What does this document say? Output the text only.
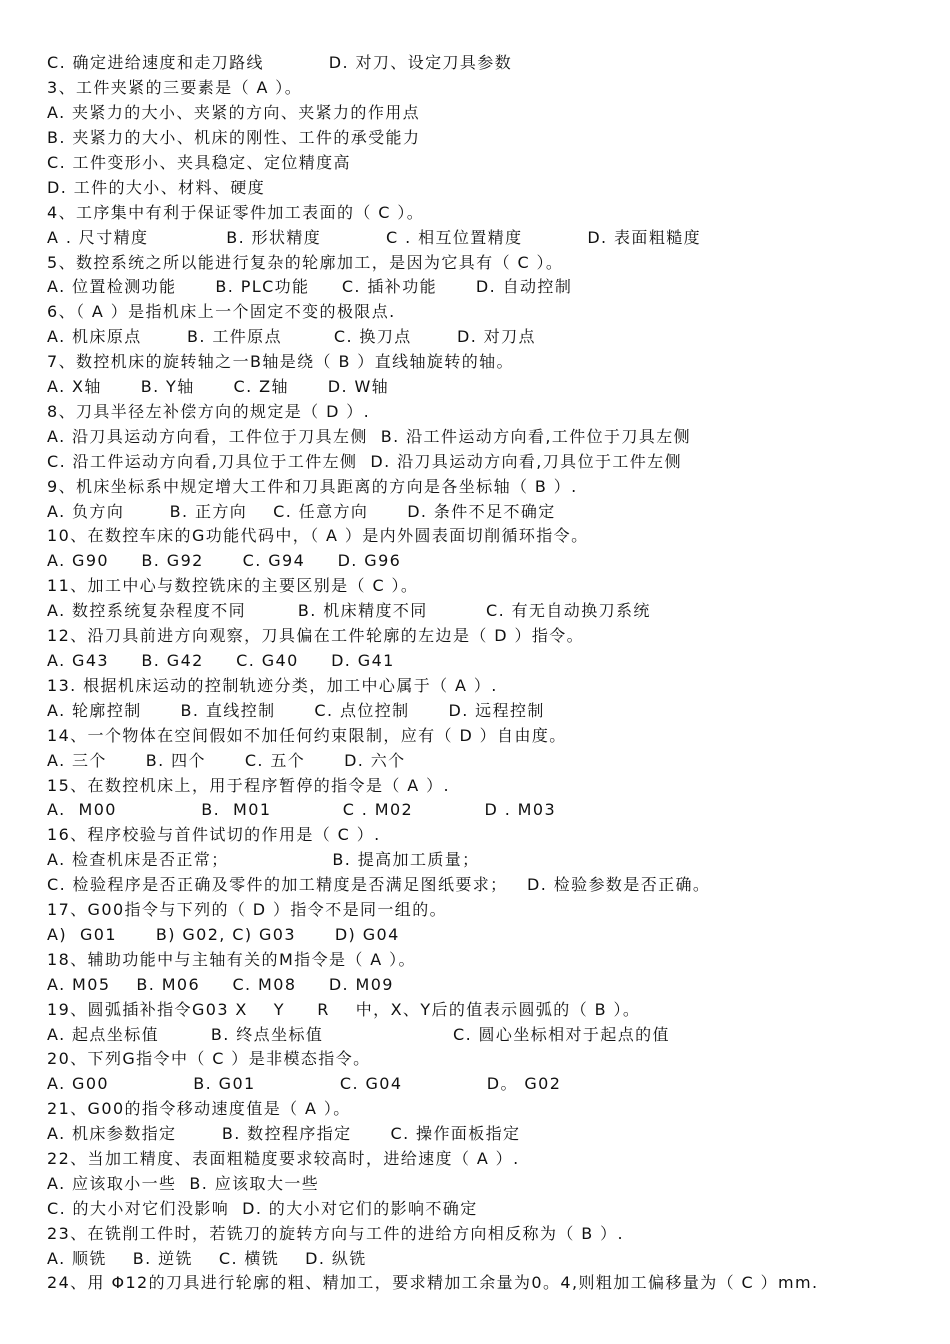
C. 确定进给速度和走刀路线          D. 对刀、设定刀具参数
3、工件夹紧的三要素是（ A ）。
A. 夹紧力的大小、夹紧的方向、夹紧力的作用点
B. 夹紧力的大小、机床的刚性、工件的承受能力
C. 工件变形小、夹具稳定、定位精度高
D. 工件的大小、材料、硬度
4、工序集中有利于保证零件加工表面的（ C ）。
A . 尺寸精度            B. 形状精度          C . 相互位置精度          D. 表面粗糙度
5、数控系统之所以能进行复杂的轮廓加工，是因为它具有（ C ）。
A. 位置检测功能      B. PLC功能     C. 插补功能      D. 自动控制
6、（ A ）是指机床上一个固定不变的极限点.
A. 机床原点       B. 工件原点        C. 换刀点       D. 对刀点
7、数控机床的旋转轴之一B轴是绕（ B ）直线轴旋转的轴。
A. X轴      B. Y轴      C. Z轴      D. W轴
8、刀具半径左补偿方向的规定是（ D ）.
A. 沿刀具运动方向看，工件位于刀具左侧  B. 沿工件运动方向看,工件位于刀具左侧
C. 沿工件运动方向看,刀具位于工件左侧  D. 沿刀具运动方向看,刀具位于工件左侧
9、机床坐标系中规定增大工件和刀具距离的方向是各坐标轴（ B ）.
A. 负方向       B. 正方向    C. 任意方向      D. 条件不足不确定
10、在数控车床的G功能代码中，（ A ）是内外圆表面切削循环指令。
A. G90     B. G92      C. G94     D. G96
11、加工中心与数控铣床的主要区别是（ C ）。
A. 数控系统复杂程度不同        B. 机床精度不同         C. 有无自动换刀系统
12、沿刀具前进方向观察，刀具偏在工件轮廓的左边是（ D ）指令。
A. G43     B. G42     C. G40     D. G41
13. 根据机床运动的控制轨迹分类，加工中心属于（ A ）.
A. 轮廓控制      B. 直线控制      C. 点位控制      D. 远程控制
14、一个物体在空间假如不加任何约束限制，应有（ D ）自由度。
A. 三个      B. 四个      C. 五个      D. 六个
15、在数控机床上，用于程序暂停的指令是（ A ）.
A.  M00             B.  M01           C . M02           D . M03
16、程序校验与首件试切的作用是（ C ）.
A. 检查机床是否正常；                B. 提高加工质量；
C. 检验程序是否正确及零件的加工精度是否满足图纸要求；   D. 检验参数是否正确。
17、G00指令与下列的（ D ）指令不是同一组的。
A)  G01      B) G02, C) G03      D) G04
18、辅助功能中与主轴有关的M指令是（ A ）。
A. M05    B. M06     C. M08     D. M09
19、圆弧插补指令G03 X    Y     R    中，X、Y后的值表示圆弧的（ B ）。
A. 起点坐标值        B. 终点坐标值                    C. 圆心坐标相对于起点的值
20、下列G指令中（ C ）是非模态指令。
A. G00             B. G01             C. G04             D。 G02
21、G00的指令移动速度值是（ A ）。
A. 机床参数指定       B. 数控程序指定      C. 操作面板指定
22、当加工精度、表面粗糙度要求较高时，进给速度（ A ）.
A. 应该取小一些  B. 应该取大一些
C. 的大小对它们没影响  D. 的大小对它们的影响不确定
23、在铣削工件时，若铣刀的旋转方向与工件的进给方向相反称为（ B ）.
A. 顺铣    B. 逆铣    C. 横铣    D. 纵铣
24、用 Φ12的刀具进行轮廓的粗、精加工，要求精加工余量为0。4,则粗加工偏移量为（ C ）mm.
